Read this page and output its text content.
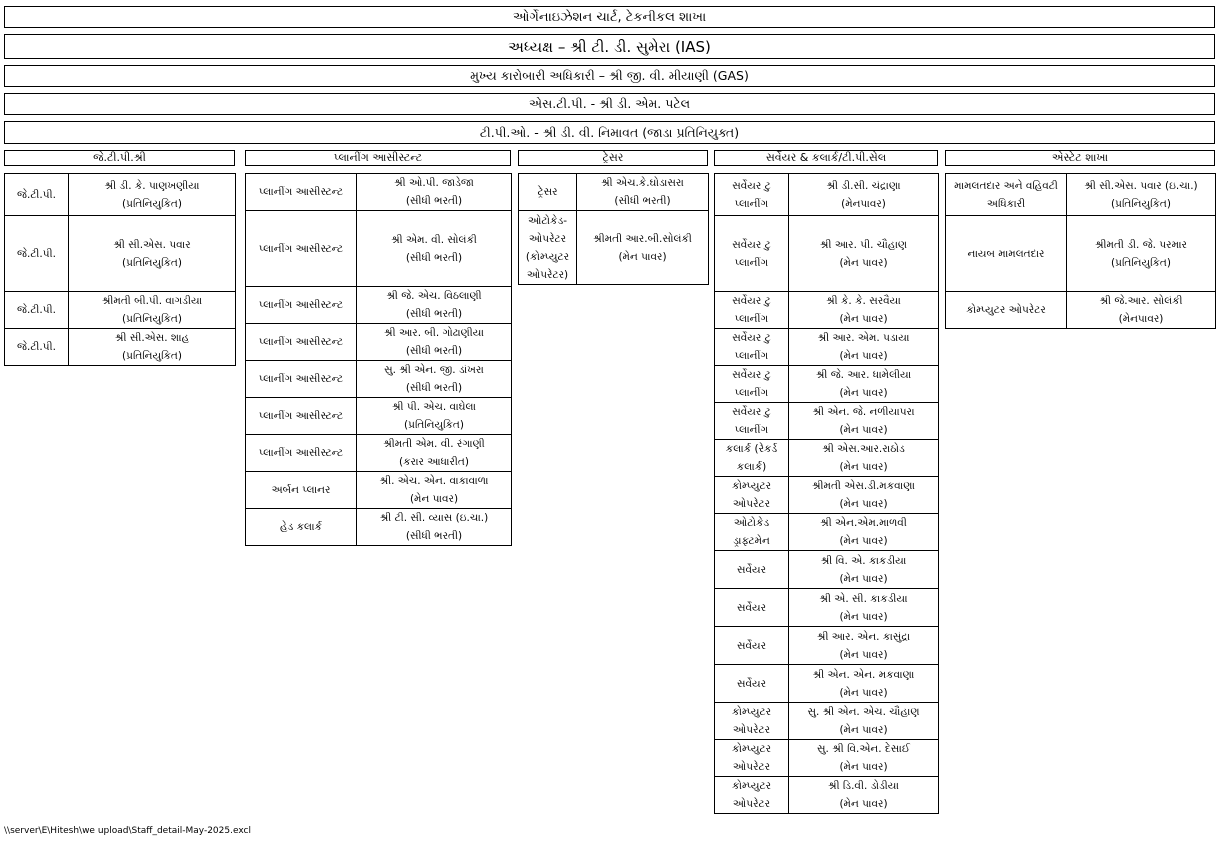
ઓર્ગેનાઇઝેશન ચાર્ટ, ટેકનીકલ શાખા
અધ્યક્ષ – શ્રી ટી. ડી. સુમેરા (IAS)
મુખ્ય કારોબારી અધિકારી – શ્રી જી. વી. મીયાણી (GAS)
એસ.ટી.પી. - શ્રી ડી. એમ. પટેલ
ટી.પી.ઓ. - શ્રી ડી. વી. નિમાવત (જાડા પ્રતિનિયુક્ત)
જે.ટી.પી.શ્રી
જે.ટી.પી.	શ્રી ડી. કે. પાણખણીયા
(પ્રતિનિયુકિત)

જે.ટી.પી.	શ્રી સી.એસ. પવાર
(પ્રતિનિયુકિત)

જે.ટી.પી.	શ્રીમતી બી.પી. વાગડીયા
(પ્રતિનિયુકિત)

જે.ટી.પી.	શ્રી સી.એસ. શાહ
(પ્રતિનિયુકિત)
પ્લાનીંગ આસીસ્ટન્ટ
પ્લાનીંગ આસીસ્ટન્ટ	શ્રી ઓ.પી. જાડેજા
(સીધી ભરતી)

પ્લાનીંગ આસીસ્ટન્ટ	શ્રી એમ. વી. સોલંકી
(સીધી ભરતી)

પ્લાનીંગ આસીસ્ટન્ટ	શ્રી જે. એચ. વિઠલાણી
(સીધી ભરતી)

પ્લાનીંગ આસીસ્ટન્ટ	શ્રી આર. બી. ગોઢાણીયા
(સીધી ભરતી)

પ્લાનીંગ આસીસ્ટન્ટ	સુ. શ્રી એન. જી. ડાંખરા
(સીધી ભરતી)

પ્લાનીંગ આસીસ્ટન્ટ	શ્રી પી. એચ. વાઘેલા
(પ્રતિનિયુકિત)

પ્લાનીંગ આસીસ્ટન્ટ	શ્રીમતી એમ. વી. રંગાણી
(કરાર આધારીત)

અર્બન પ્લાનર	શ્રી. એચ. એન. વાકાવાળા
(મેન પાવર)

હેડ કલાર્ક	શ્રી ટી. સી. વ્યાસ (ઇ.ચા.)
(સીધી ભરતી)
ટ્રેસર
ટ્રેસર	શ્રી એચ.કે.ઘોડાસરા
(સીધી ભરતી)

ઓટોકેડ-ઓપરેટર (કોમ્પ્યુટર ઓપરેટર)	શ્રીમતી આર.બી.સોલંકી
(મેન પાવર)
સર્વેયર & કલાર્ક/ટી.પી.સેલ
સર્વેયર ટુ પ્લાનીંગ	શ્રી ડી.સી. ચંદ્રાણા
(મેનપાવર)

સર્વેયર ટુ પ્લાનીંગ	શ્રી આર. પી. ચૌહાણ
(મેન પાવર)

સર્વેયર ટુ પ્લાનીંગ	શ્રી કે. કે. સરવૈયા
(મેન પાવર)

સર્વેયર ટુ પ્લાનીંગ	શ્રી આર. એમ. પડાયા
(મેન પાવર)

સર્વેયર ટુ પ્લાનીંગ	શ્રી જે. આર. ધામેલીયા
(મેન પાવર)

સર્વેયર ટુ પ્લાનીંગ	શ્રી એન. જે. નળીયાપરા
(મેન પાવર)

કલાર્ક (રેકર્ડ કલાર્ક)	શ્રી એસ.આર.રાઠોડ
(મેન પાવર)

કોમ્પ્યુટર ઓપરેટર	શ્રીમતી એસ.ડી.મકવાણા
(મેન પાવર)

ઓટોકેડ ડ્રાફ્ટમેન	શ્રી એન.એમ.માળવી
(મેન પાવર)

સર્વેયર	શ્રી વિ. એ. કાકડીયા
(મેન પાવર)

સર્વેયર	શ્રી એ. સી. કાકડીયા
(મેન પાવર)

સર્વેયર	શ્રી આર. એન. કાસુંદ્રા
(મેન પાવર)

સર્વેયર	શ્રી એન. એન. મકવાણા
(મેન પાવર)

કોમ્પ્યુટર ઓપરેટર	સુ. શ્રી એન. એચ. ચૌહાણ
(મેન પાવર)

કોમ્પ્યુટર ઓપરેટર	સુ. શ્રી વિ.એન. દેસાઈ
(મેન પાવર)

કોમ્પ્યુટર ઓપરેટર	શ્રી ડિ.વી. ડોડીયા
(મેન પાવર)
એસ્ટેટ શાખા
મામલતદાર અને વહિવટી અધિકારી	શ્રી સી.એસ. પવાર (ઇ.ચા.)
(પ્રતિનિયુકિત)

નાયબ મામલતદાર	શ્રીમતી ડી. જે. પરમાર
(પ્રતિનિયુકિત)

કોમ્પ્યુટર ઓપરેટર	શ્રી જે.આર. સોલંકી
(મેનપાવર)
\\server\E\Hitesh\we upload\Staff_detail-May-2025.excl
